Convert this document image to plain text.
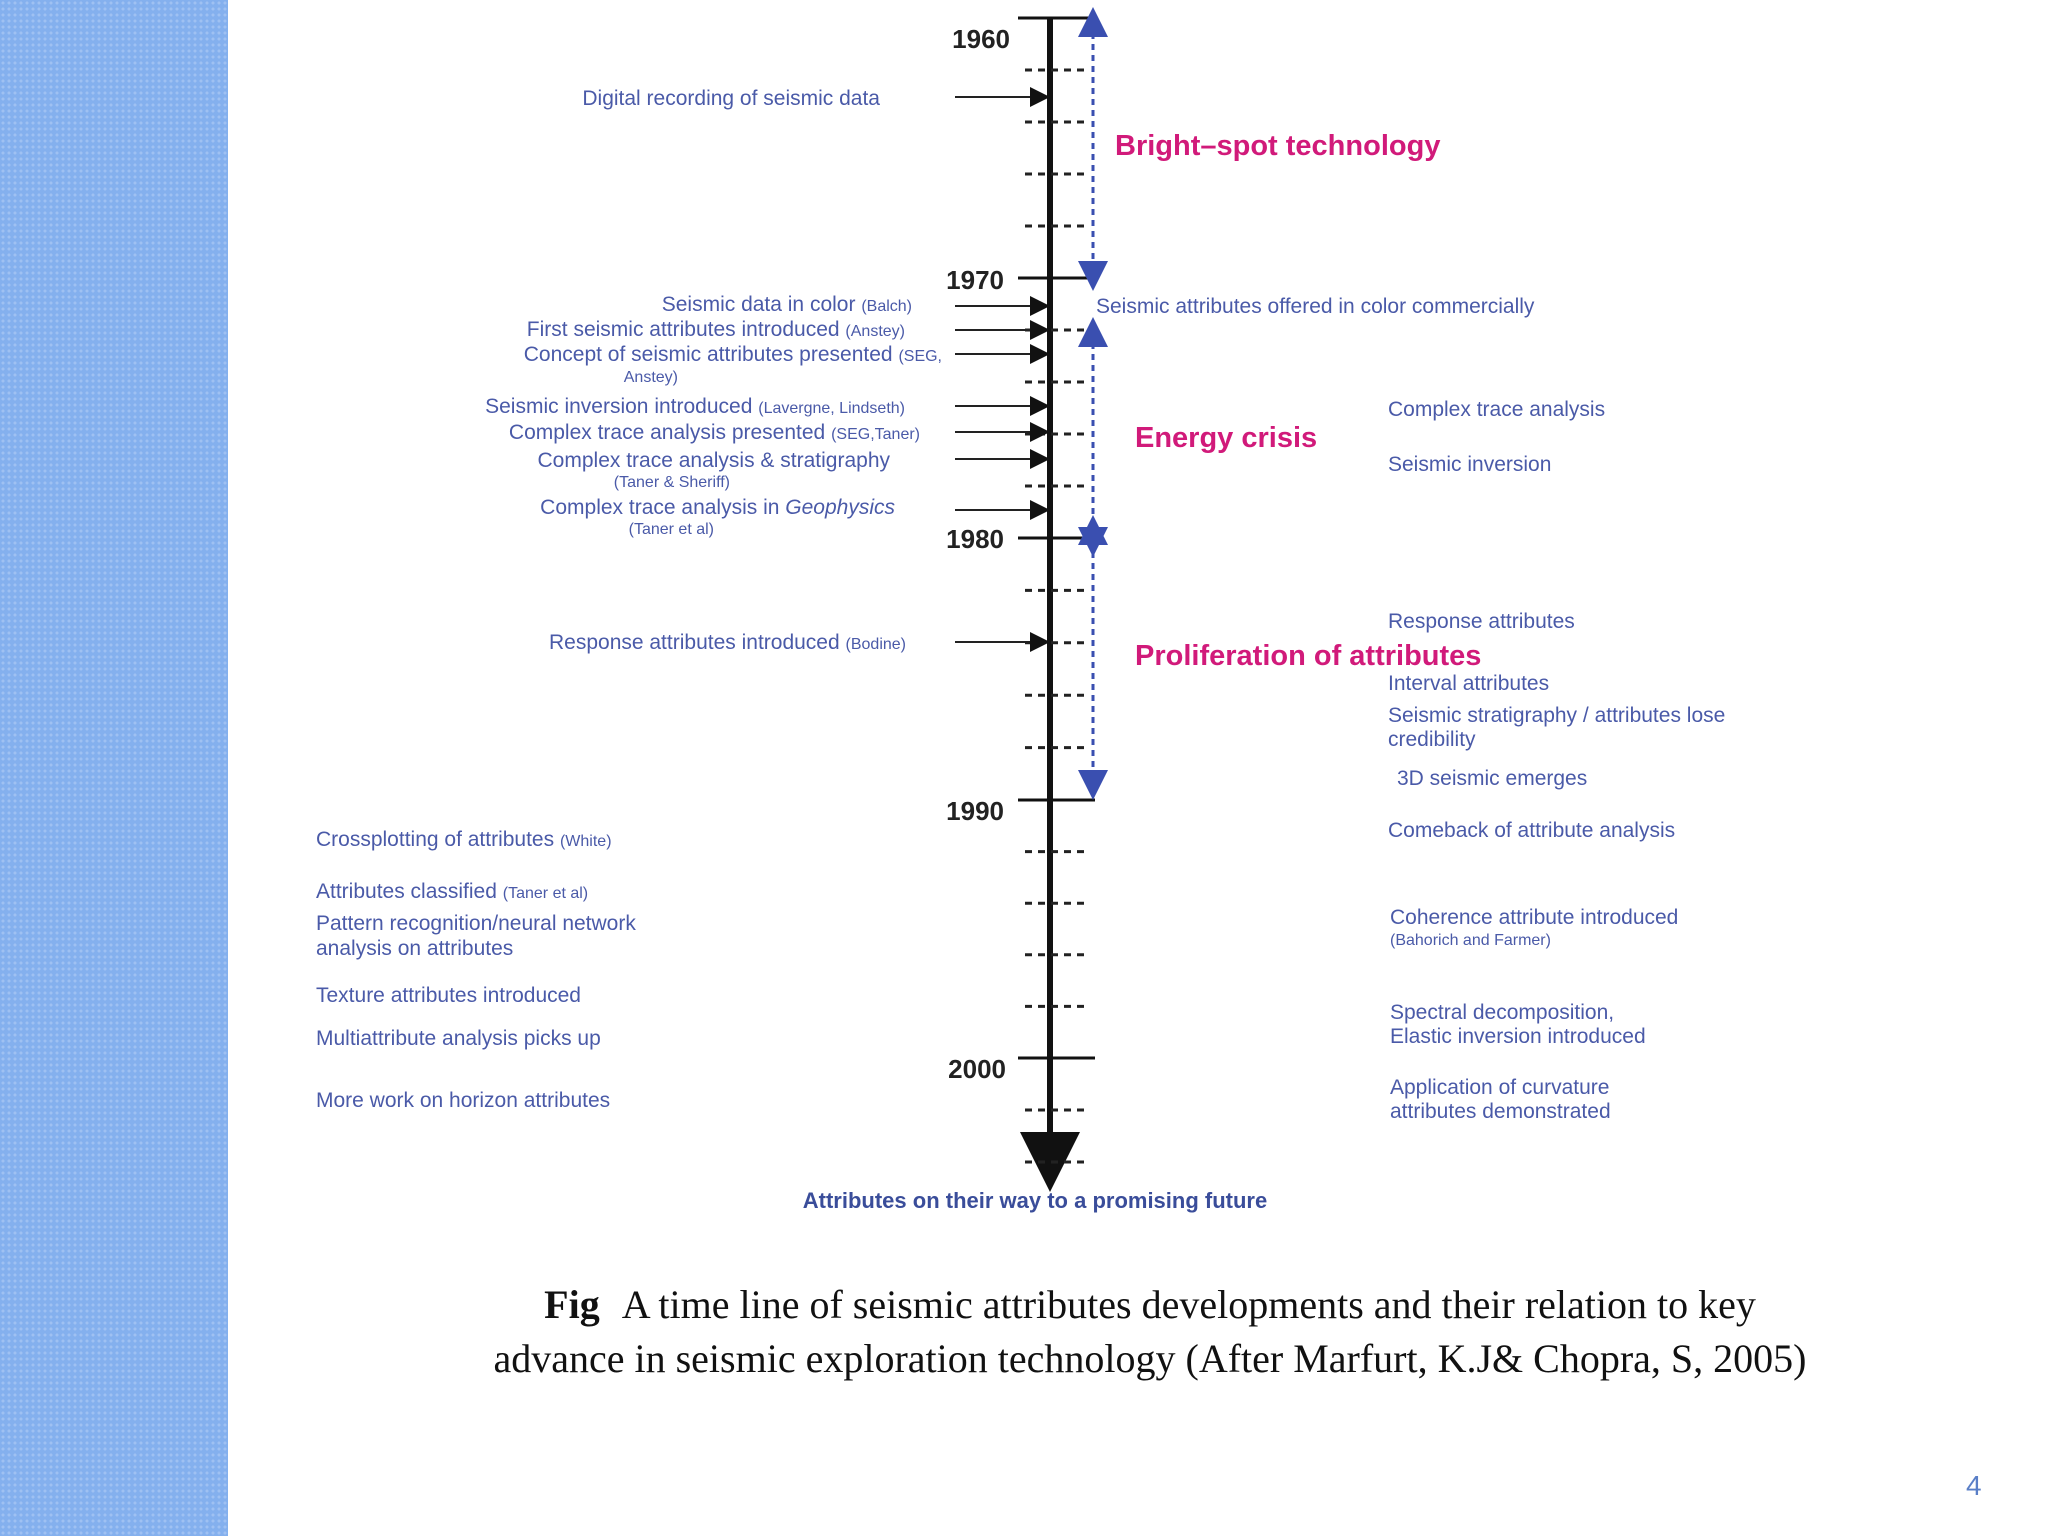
1960
1970
1980
1990
2000
Bright–spot technology
Energy crisis
Proliferation of attributes
Digital recording of seismic data
Seismic data in color (Balch)
First seismic attributes introduced (Anstey)
Concept of seismic attributes presented (SEG,
Anstey)
Seismic inversion introduced (Lavergne, Lindseth)
Complex trace analysis presented (SEG,Taner)
Complex trace analysis & stratigraphy
(Taner & Sheriff)
Complex trace analysis in Geophysics
(Taner et al)
Response attributes introduced (Bodine)
Crossplotting of attributes (White)
Attributes classified (Taner et al)
Pattern recognition/neural network
analysis on attributes
Texture attributes introduced
Multiattribute analysis picks up
More work on horizon attributes
Seismic attributes offered in color commercially
Complex trace analysis
Seismic inversion
Response attributes
Interval attributes
Seismic stratigraphy / attributes lose
credibility
3D seismic emerges
Comeback of attribute analysis
Coherence attribute introduced
(Bahorich and Farmer)
Spectral decomposition,
Elastic inversion introduced
Application of curvature
attributes demonstrated
Attributes on their way to a promising future
Fig A time line of seismic attributes developments and their relation to key
advance in seismic exploration technology (After Marfurt, K.J& Chopra, S, 2005)
4
